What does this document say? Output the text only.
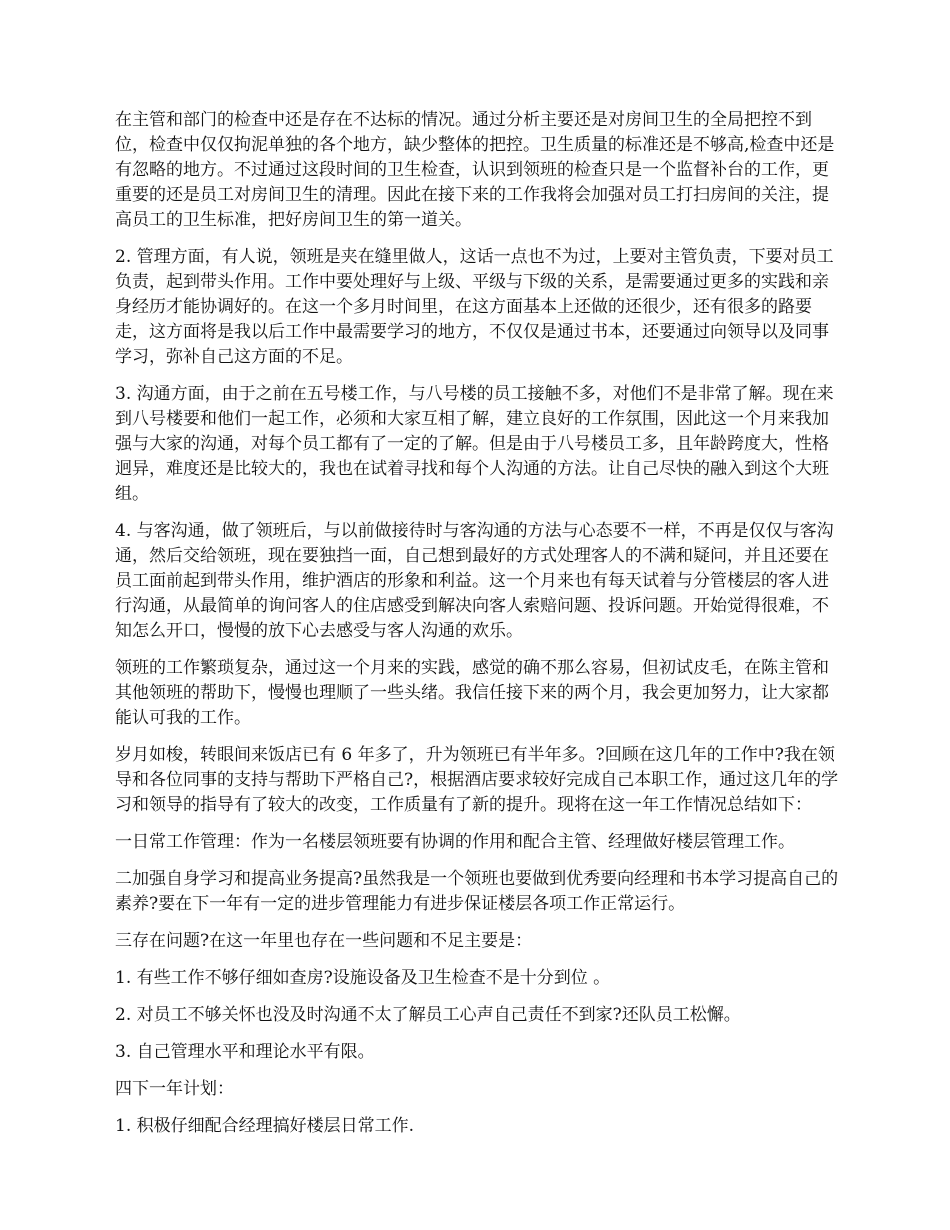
在主管和部门的检查中还是存在不达标的情况。通过分析主要还是对房间卫生的全局把控不到位，检查中仅仅拘泥单独的各个地方，缺少整体的把控。卫生质量的标准还是不够高,检查中还是有忽略的地方。不过通过这段时间的卫生检查，认识到领班的检查只是一个监督补台的工作，更重要的还是员工对房间卫生的清理。因此在接下来的工作我将会加强对员工打扫房间的关注，提高员工的卫生标准，把好房间卫生的第一道关。

2. 管理方面，有人说，领班是夹在缝里做人，这话一点也不为过，上要对主管负责，下要对员工负责，起到带头作用。工作中要处理好与上级、平级与下级的关系，是需要通过更多的实践和亲身经历才能协调好的。在这一个多月时间里，在这方面基本上还做的还很少，还有很多的路要走，这方面将是我以后工作中最需要学习的地方，不仅仅是通过书本，还要通过向领导以及同事学习，弥补自己这方面的不足。

3. 沟通方面，由于之前在五号楼工作，与八号楼的员工接触不多，对他们不是非常了解。现在来到八号楼要和他们一起工作，必须和大家互相了解，建立良好的工作氛围，因此这一个月来我加强与大家的沟通，对每个员工都有了一定的了解。但是由于八号楼员工多，且年龄跨度大，性格迥异，难度还是比较大的，我也在试着寻找和每个人沟通的方法。让自己尽快的融入到这个大班组。

4. 与客沟通，做了领班后，与以前做接待时与客沟通的方法与心态要不一样，不再是仅仅与客沟通，然后交给领班，现在要独挡一面，自己想到最好的方式处理客人的不满和疑问，并且还要在员工面前起到带头作用，维护酒店的形象和利益。这一个月来也有每天试着与分管楼层的客人进行沟通，从最简单的询问客人的住店感受到解决向客人索赔问题、投诉问题。开始觉得很难，不知怎么开口，慢慢的放下心去感受与客人沟通的欢乐。

领班的工作繁琐复杂，通过这一个月来的实践，感觉的确不那么容易，但初试皮毛，在陈主管和其他领班的帮助下，慢慢也理顺了一些头绪。我信任接下来的两个月，我会更加努力，让大家都能认可我的工作。

岁月如梭，转眼间来饭店已有 6 年多了，升为领班已有半年多。?回顾在这几年的工作中?我在领导和各位同事的支持与帮助下严格自己?，根据酒店要求较好完成自己本职工作，通过这几年的学习和领导的指导有了较大的改变，工作质量有了新的提升。现将在这一年工作情况总结如下：

一日常工作管理：作为一名楼层领班要有协调的作用和配合主管、经理做好楼层管理工作。

二加强自身学习和提高业务提高?虽然我是一个领班也要做到优秀要向经理和书本学习提高自己的素养?要在下一年有一定的进步管理能力有进步保证楼层各项工作正常运行。

三存在问题?在这一年里也存在一些问题和不足主要是：

1. 有些工作不够仔细如查房?设施设备及卫生检查不是十分到位 。

2. 对员工不够关怀也没及时沟通不太了解员工心声自己责任不到家?还队员工松懈。

3. 自己管理水平和理论水平有限。

四下一年计划：

1. 积极仔细配合经理搞好楼层日常工作.
